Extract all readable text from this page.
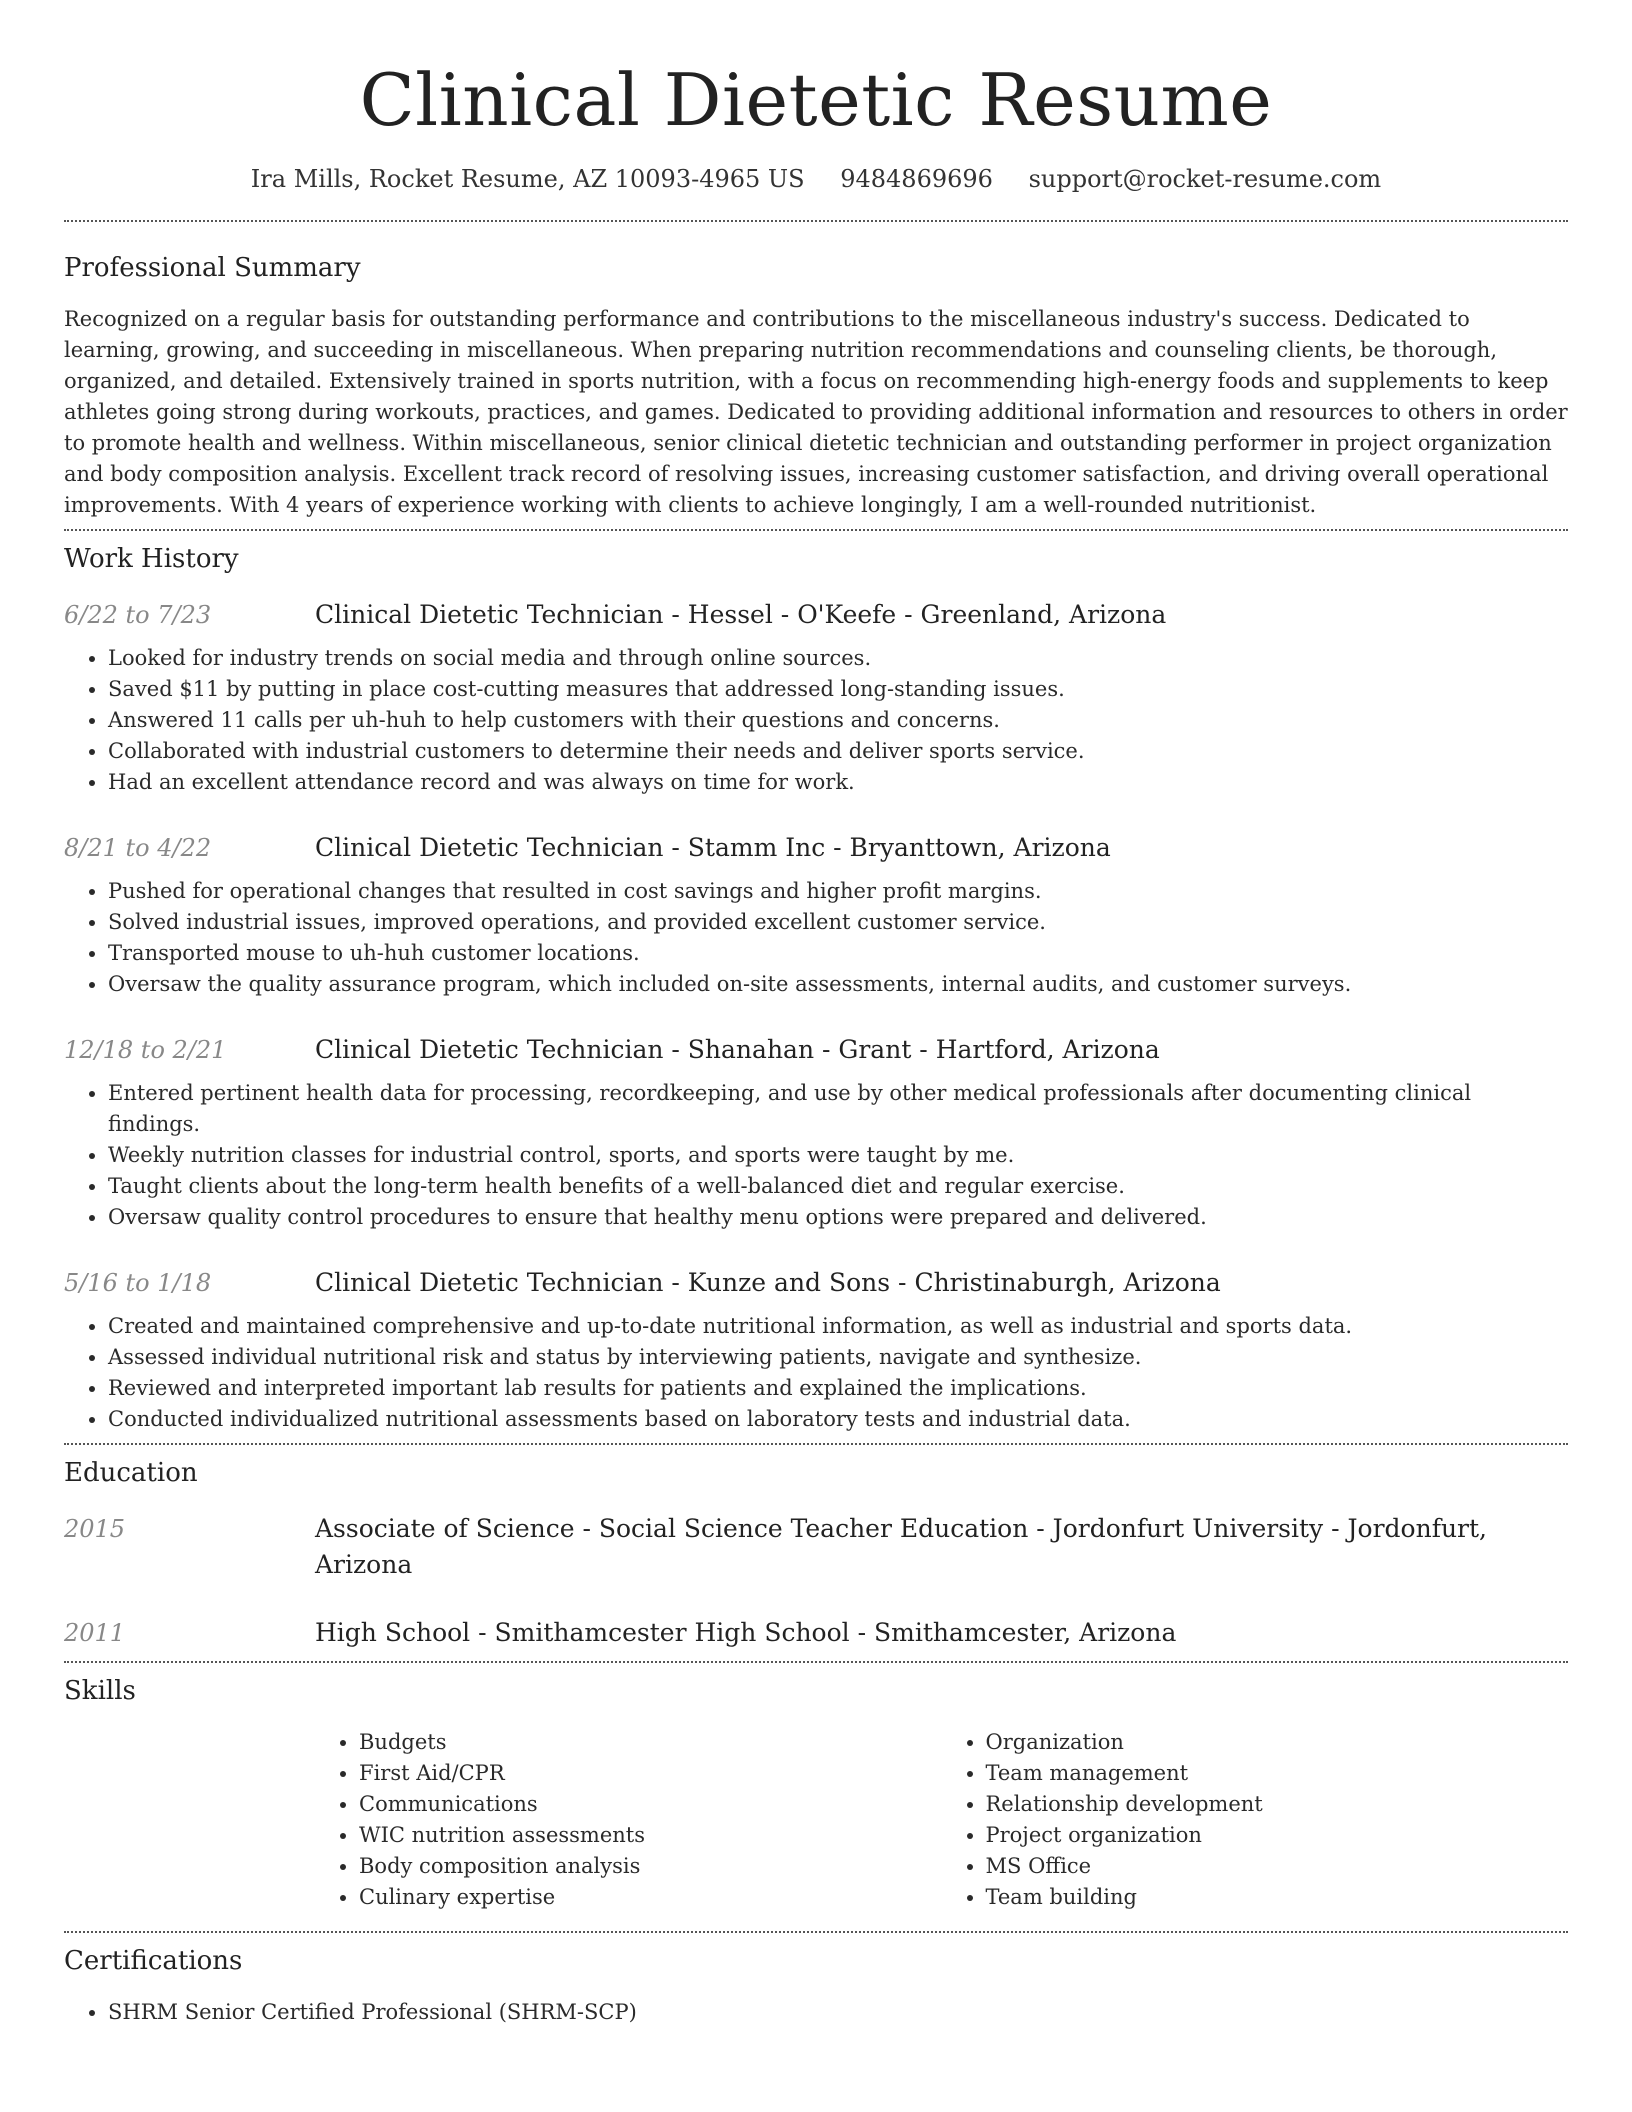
Clinical Dietetic Resume
Ira Mills, Rocket Resume, AZ 10093-4965 US 9484869696 support@rocket-resume.com
Professional Summary

Recognized on a regular basis for outstanding performance and contributions to the miscellaneous industry's success. Dedicated to learning, growing, and succeeding in miscellaneous. When preparing nutrition recommendations and counseling clients, be thorough, organized, and detailed. Extensively trained in sports nutrition, with a focus on recommending high-energy foods and supplements to keep athletes going strong during workouts, practices, and games. Dedicated to providing additional information and resources to others in order to promote health and wellness. Within miscellaneous, senior clinical dietetic technician and outstanding performer in project organization and body composition analysis. Excellent track record of resolving issues, increasing customer satisfaction, and driving overall operational improvements. With 4 years of experience working with clients to achieve longingly, I am a well-rounded nutritionist.

Work History
6/22 to 7/23	Clinical Dietetic Technician - Hessel - O'Keefe - Greenland, Arizona
• Looked for industry trends on social media and through online sources.
• Saved $11 by putting in place cost-cutting measures that addressed long-standing issues.
• Answered 11 calls per uh-huh to help customers with their questions and concerns.
• Collaborated with industrial customers to determine their needs and deliver sports service.
• Had an excellent attendance record and was always on time for work.
8/21 to 4/22	Clinical Dietetic Technician - Stamm Inc - Bryanttown, Arizona
• Pushed for operational changes that resulted in cost savings and higher profit margins.
• Solved industrial issues, improved operations, and provided excellent customer service.
• Transported mouse to uh-huh customer locations.
• Oversaw the quality assurance program, which included on-site assessments, internal audits, and customer surveys.
12/18 to 2/21	Clinical Dietetic Technician - Shanahan - Grant - Hartford, Arizona
• Entered pertinent health data for processing, recordkeeping, and use by other medical professionals after documenting clinical findings.
• Weekly nutrition classes for industrial control, sports, and sports were taught by me.
• Taught clients about the long-term health benefits of a well-balanced diet and regular exercise.
• Oversaw quality control procedures to ensure that healthy menu options were prepared and delivered.
5/16 to 1/18	Clinical Dietetic Technician - Kunze and Sons - Christinaburgh, Arizona
• Created and maintained comprehensive and up-to-date nutritional information, as well as industrial and sports data.
• Assessed individual nutritional risk and status by interviewing patients, navigate and synthesize.
• Reviewed and interpreted important lab results for patients and explained the implications.
• Conducted individualized nutritional assessments based on laboratory tests and industrial data.
Education
2015	Associate of Science - Social Science Teacher Education - Jordonfurt University - Jordonfurt, Arizona
2011	High School - Smithamcester High School - Smithamcester, Arizona
Skills
• Budgets
• First Aid/CPR
• Communications
• WIC nutrition assessments
• Body composition analysis
• Culinary expertise
• Organization
• Team management
• Relationship development
• Project organization
• MS Office
• Team building
Certifications
• SHRM Senior Certified Professional (SHRM-SCP)
